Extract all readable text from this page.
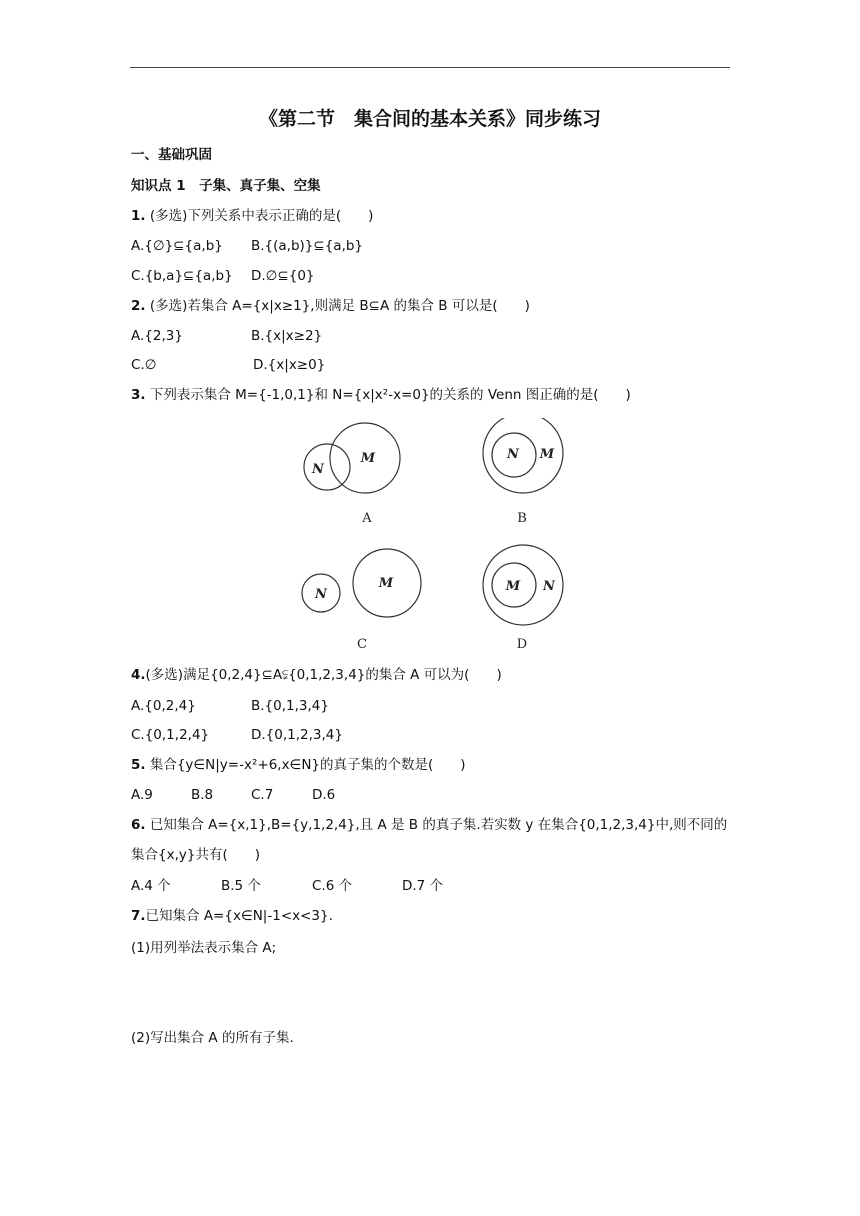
《第二节　集合间的基本关系》同步练习
一、基础巩固
知识点 1　子集、真子集、空集
1. (多选)下列关系中表示正确的是(　　)
A.{∅}⊆{a,b} B.{(a,b)}⊆{a,b}
C.{b,a}⊆{a,b} D.∅⊆{0}
2. (多选)若集合 A={x|x≥1},则满足 B⊆A 的集合 B 可以是(　　)
A.{2,3}	B.{x|x≥2}
C.∅	D.{x|x≥0}
3. 下列表示集合 M={-1,0,1}和 N={x|x²-x=0}的关系的 Venn 图正确的是(　　)
M
N
N M
N
M	M N
A	B
C	D
4.(多选)满足{0,2,4}⊆A⫋{0,1,2,3,4}的集合 A 可以为(　　)
A.{0,2,4}	B.{0,1,3,4}
C.{0,1,2,4}	D.{0,1,2,3,4}
5. 集合{y∈N|y=-x²+6,x∈N}的真子集的个数是(　　)
A.9	B.8	C.7	D.6
6. 已知集合 A={x,1},B={y,1,2,4},且 A 是 B 的真子集.若实数 y 在集合{0,1,2,3,4}中,则不同的集合{x,y}共有(　　)
A.4 个	B.5 个	C.6 个	D.7 个
7.已知集合 A={x∈N|-1<x<3}.
(1)用列举法表示集合 A;
(2)写出集合 A 的所有子集.
